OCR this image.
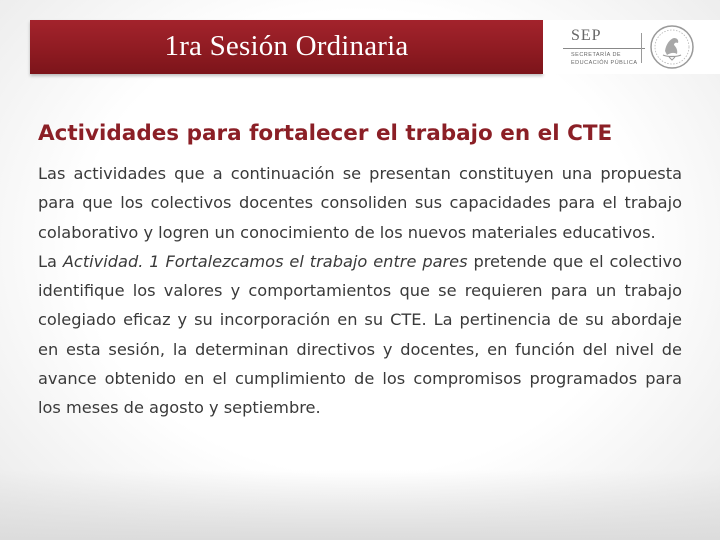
1ra Sesión Ordinaria	SEP
SECRETARÍA DE
EDUCACIÓN PÚBLICA
Actividades para fortalecer el trabajo en el CTE

Las actividades que a continuación se presentan constituyen una propuesta para que los colectivos docentes consoliden sus capacidades para el trabajo colaborativo y logren un conocimiento de los nuevos materiales educativos.

La Actividad. 1 Fortalezcamos el trabajo entre pares pretende que el colectivo identifique los valores y comportamientos que se requieren para un trabajo colegiado eficaz y su incorporación en su CTE. La pertinencia de su abordaje en esta sesión, la determinan directivos y docentes, en función del nivel de avance obtenido en el cumplimiento de los compromisos programados para los meses de agosto y septiembre.
